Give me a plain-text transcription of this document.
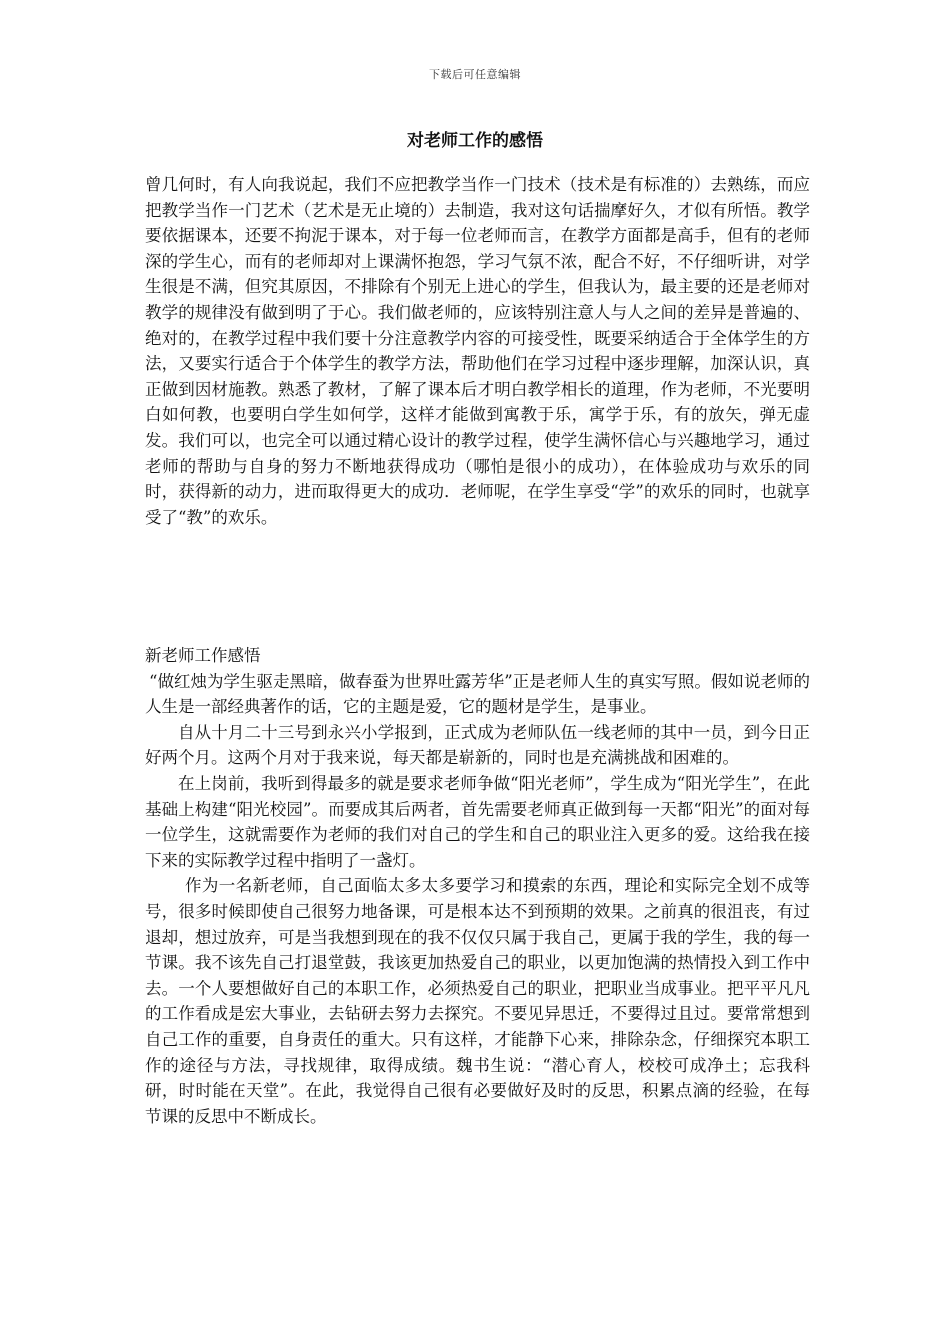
下载后可任意编辑
对老师工作的感悟

曾几何时，有人向我说起，我们不应把教学当作一门技术（技术是有标准的）去熟练，而应把教学当作一门艺术（艺术是无止境的）去制造，我对这句话揣摩好久，才似有所悟。教学要依据课本，还要不拘泥于课本，对于每一位老师而言，在教学方面都是高手，但有的老师深的学生心，而有的老师却对上课满怀抱怨，学习气氛不浓，配合不好，不仔细听讲，对学生很是不满，但究其原因，不排除有个别无上进心的学生，但我认为，最主要的还是老师对教学的规律没有做到明了于心。我们做老师的，应该特别注意人与人之间的差异是普遍的、绝对的，在教学过程中我们要十分注意教学内容的可接受性，既要采纳适合于全体学生的方法，又要实行适合于个体学生的教学方法，帮助他们在学习过程中逐步理解，加深认识，真正做到因材施教。熟悉了教材，了解了课本后才明白教学相长的道理，作为老师，不光要明白如何教，也要明白学生如何学，这样才能做到寓教于乐，寓学于乐，有的放矢，弹无虚发。我们可以，也完全可以通过精心设计的教学过程，使学生满怀信心与兴趣地学习，通过老师的帮助与自身的努力不断地获得成功（哪怕是很小的成功），在体验成功与欢乐的同时，获得新的动力，进而取得更大的成功．老师呢，在学生享受“学”的欢乐的同时，也就享受了“教”的欢乐。

新老师工作感悟

“做红烛为学生驱走黑暗，做春蚕为世界吐露芳华”正是老师人生的真实写照。假如说老师的人生是一部经典著作的话，它的主题是爱，它的题材是学生，是事业。

自从十月二十三号到永兴小学报到，正式成为老师队伍一线老师的其中一员，到今日正好两个月。这两个月对于我来说，每天都是崭新的，同时也是充满挑战和困难的。

在上岗前，我听到得最多的就是要求老师争做“阳光老师”，学生成为“阳光学生”，在此基础上构建“阳光校园”。而要成其后两者，首先需要老师真正做到每一天都“阳光”的面对每一位学生，这就需要作为老师的我们对自己的学生和自己的职业注入更多的爱。这给我在接下来的实际教学过程中指明了一盏灯。

作为一名新老师，自己面临太多太多要学习和摸索的东西，理论和实际完全划不成等号，很多时候即使自己很努力地备课，可是根本达不到预期的效果。之前真的很沮丧，有过退却，想过放弃，可是当我想到现在的我不仅仅只属于我自己，更属于我的学生，我的每一节课。我不该先自己打退堂鼓，我该更加热爱自己的职业，以更加饱满的热情投入到工作中去。一个人要想做好自己的本职工作，必须热爱自己的职业，把职业当成事业。把平平凡凡的工作看成是宏大事业，去钻研去努力去探究。不要见异思迁，不要得过且过。要常常想到自己工作的重要，自身责任的重大。只有这样，才能静下心来，排除杂念，仔细探究本职工作的途径与方法，寻找规律，取得成绩。魏书生说：“潜心育人，校校可成净土；忘我科研，时时能在天堂”。在此，我觉得自己很有必要做好及时的反思，积累点滴的经验，在每节课的反思中不断成长。
